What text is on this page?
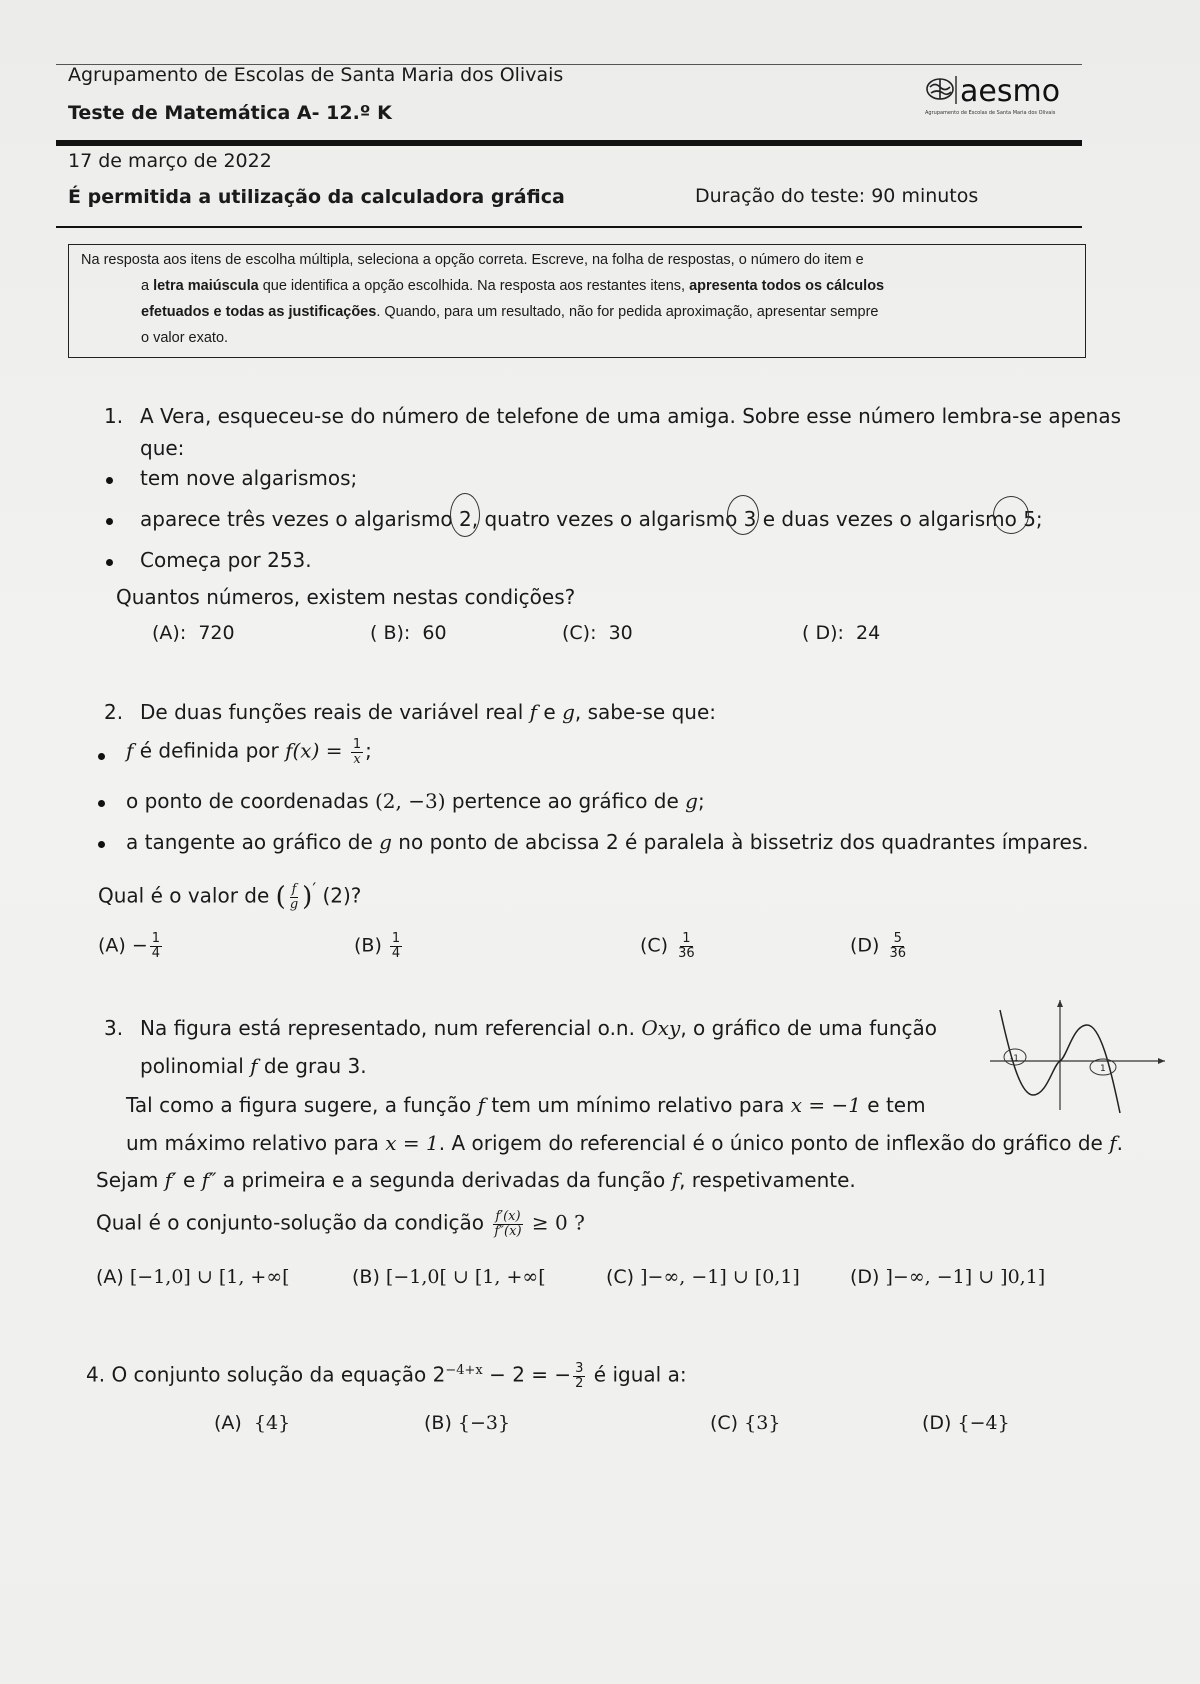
Agrupamento de Escolas de Santa Maria dos Olivais
Teste de Matemática A- 12.º K
aesmo
Agrupamento de Escolas de Santa Maria dos Olivais
17 de março de 2022
É permitida a utilização da calculadora gráfica	Duração do teste: 90 minutos

Na resposta aos itens de escolha múltipla, seleciona a opção correta. Escreve, na folha de respostas, o número do item e

a letra maiúscula que identifica a opção escolhida. Na resposta aos restantes itens, apresenta todos os cálculos

efetuados e todas as justificações. Quando, para um resultado, não for pedida aproximação, apresentar sempre

o valor exato.

1. A Vera, esqueceu-se do número de telefone de uma amiga. Sobre esse número lembra-se apenas
que:
tem nove algarismos;
aparece três vezes o algarismo 2, quatro vezes o algarismo 3 e duas vezes o algarismo 5;
Começa por 253.
Quantos números, existem nestas condições?
(A): 720	( B): 60	(C): 30	( D): 24
2. De duas funções reais de variável real f e g, sabe-se que:
f é definida por $f(x) = \frac{1}{x}$ ;
o ponto de coordenadas (2, −3) pertence ao gráfico de g;
a tangente ao gráfico de g no ponto de abcissa 2 é paralela à bissetriz dos quadrantes ímpares.
Qual é o valor de ( $\frac{f}{g} )'$ (2)?
$(A) - \frac{1}{4}$	$(B) \frac{1}{4}$	$(C) \frac{1}{36}$	$(D) \frac{5}{36}$
3. Na figura está representado, num referencial o.n. Oxy, o gráfico de uma função
polinomial f de grau 3.
Tal como a figura sugere, a função f tem um mínimo relativo para x = −1 e tem
um máximo relativo para x = 1. A origem do referencial é o único ponto de inflexão do gráfico de f.
Sejam f′ e f″ a primeira e a segunda derivadas da função f, respetivamente.
Qual é o conjunto-solução da condição $\frac{f'(x)}{f''(x)} \ge 0$ ?
(A) [−1,0] ∪ [1, +∞[	(B) [−1,0[ ∪ [1, +∞[	(C) ]−∞, −1] ∪ [0,1]	(D) ]−∞, −1] ∪ ]0,1]
-1
1
4. O conjunto solução da equação $2^{-4+x} - 2$ = − $\frac{3}{2}$ é igual a:
(A) {4}	(B) {−3}	(C) {3}	(D) {−4}
